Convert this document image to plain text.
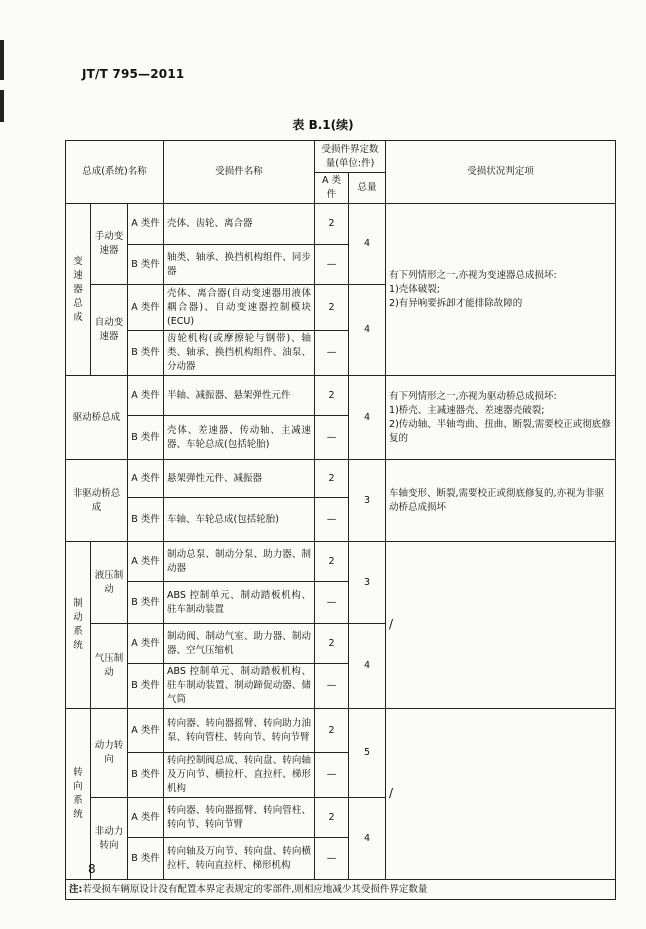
JT/T 795—2011
表 B.1(续)
总成(系统)名称			受损件名称	受损件界定数量(单位:件)		受损状况判定项
				A 类件	总量	
变速器总成	手动变速器	A 类件	壳体、齿轮、离合器	2	4	有下列情形之一,亦视为变速器总成损坏:
1)壳体破裂;
2)有异响要拆卸才能排除故障的

		B 类件	轴类、轴承、换挡机构组件、同步器	—		
	自动变速器	A 类件	壳体、离合器(自动变速器用液体耦合器)、自动变速器控制模块(ECU)	2	4	
		B 类件	齿轮机构(或摩擦轮与钢带)、轴类、轴承、换挡机构组件、油泵、分动器	—		
驱动桥总成		A 类件	半轴、减振器、悬架弹性元件	2	4	有下列情形之一,亦视为驱动桥总成损坏:
1)桥壳、主减速器壳、差速器壳破裂;
2)传动轴、半轴弯曲、扭曲、断裂,需要校正或彻底修复的

		B 类件	壳体、差速器、传动轴、主减速器、车轮总成(包括轮胎)	—		
非驱动桥总成		A 类件	悬架弹性元件、减振器	2	3	车轴变形、断裂,需要校正或彻底修复的,亦视为非驱动桥总成损坏

		B 类件	车轴、车轮总成(包括轮胎)	—		
制动系统	液压制动	A 类件	制动总泵、制动分泵、助力器、制动器	2	3	/
		B 类件	ABS 控制单元、制动踏板机构、驻车制动装置	—		
	气压制动	A 类件	制动阀、制动气室、助力器、制动器、空气压缩机	2	4	
		B 类件	ABS 控制单元、制动踏板机构、驻车制动装置、制动蹄促动器、储气筒	—		
转向系统	动力转向	A 类件	转向器、转向器摇臂、转向助力油泵、转向管柱、转向节、转向节臂	2	5	/
		B 类件	转向控制阀总成、转向盘、转向轴及万向节、横拉杆、直拉杆、梯形机构	—		
	非动力转向	A 类件	转向器、转向器摇臂、转向管柱、转向节、转向节臂	2	4	
		B 类件	转向轴及万向节、转向盘、转向横拉杆、转向直拉杆、梯形机构	—		
注:若受损车辆原设计没有配置本界定表规定的零部件,则相应地减少其受损件界定数量						
8
